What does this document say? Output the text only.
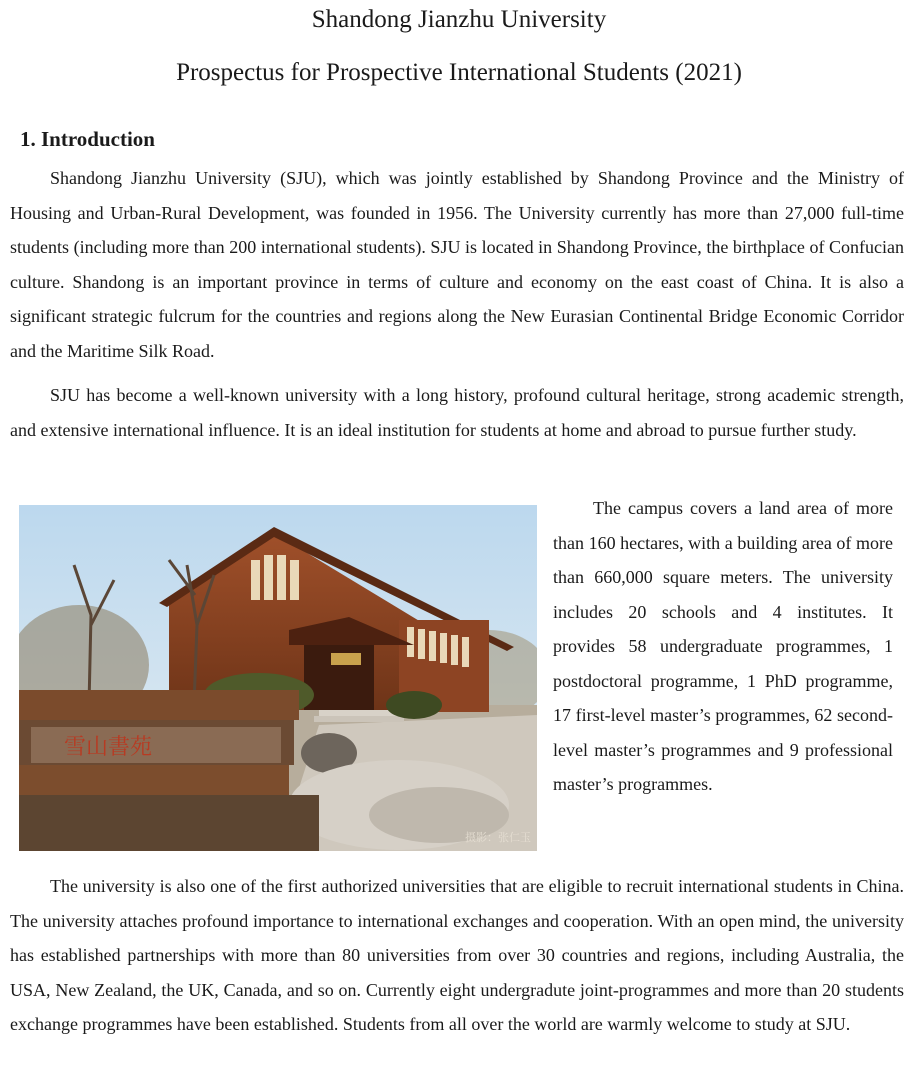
Shandong Jianzhu University
Prospectus for Prospective International Students (2021)
1. Introduction

Shandong Jianzhu University (SJU), which was jointly established by Shandong Province and the Ministry of Housing and Urban-Rural Development, was founded in 1956. The University currently has more than 27,000 full-time students (including more than 200 international students). SJU is located in Shandong Province, the birthplace of Confucian culture. Shandong is an important province in terms of culture and economy on the east coast of China. It is also a significant strategic fulcrum for the countries and regions along the New Eurasian Continental Bridge Economic Corridor and the Maritime Silk Road.

SJU has become a well-known university with a long history, profound cultural heritage, strong academic strength, and extensive international influence. It is an ideal institution for students at home and abroad to pursue further study.

雪山書苑
摄影：张仁玉

The campus covers a land area of more than 160 hectares, with a building area of more than 660,000 square meters. The university includes 20 schools and 4 institutes. It provides 58 undergraduate programmes, 1 postdoctoral programme, 1 PhD programme, 17 first-level master’s programmes, 62 second-level master’s programmes and 9 professional master’s programmes.

The university is also one of the first authorized universities that are eligible to recruit international students in China. The university attaches profound importance to international exchanges and cooperation. With an open mind, the university has established partnerships with more than 80 universities from over 30 countries and regions, including Australia, the USA, New Zealand, the UK, Canada, and so on. Currently eight undergradute joint-programmes and more than 20 students exchange programmes have been established. Students from all over the world are warmly welcome to study at SJU.
